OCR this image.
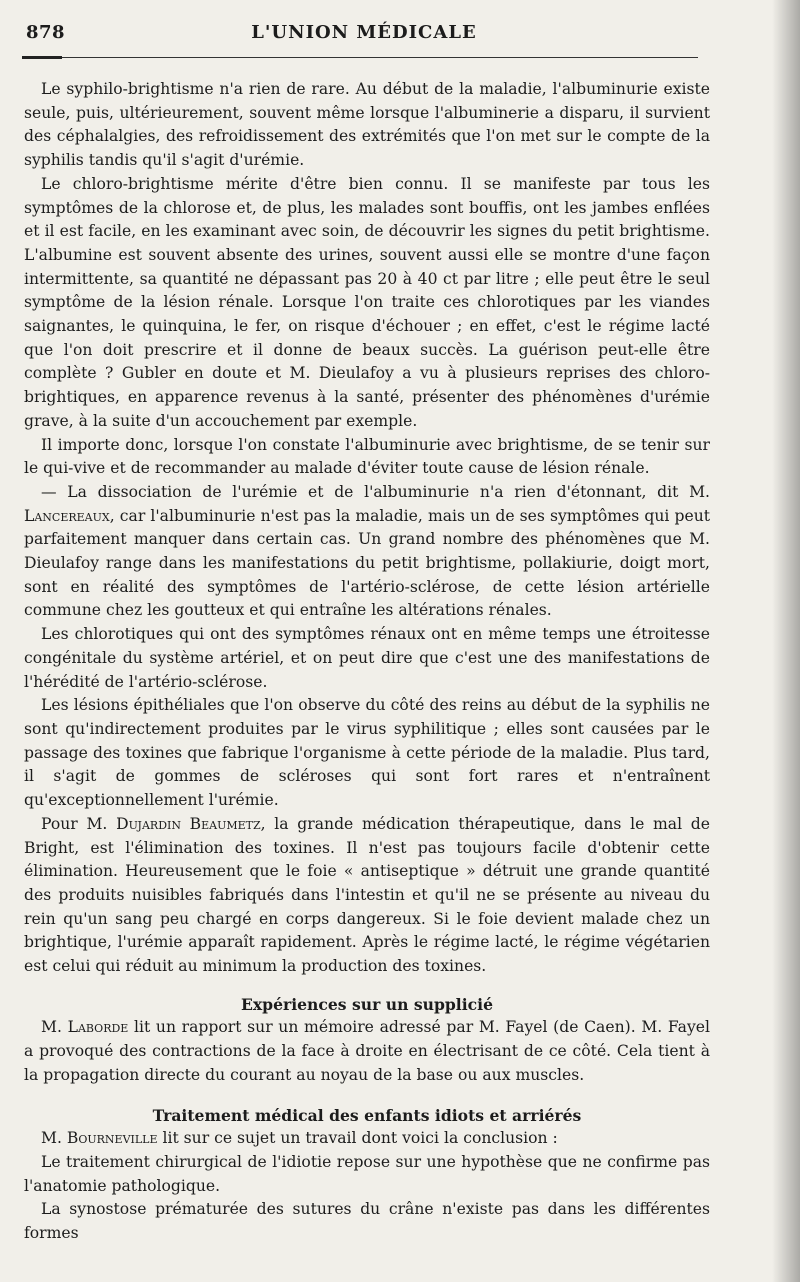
878	L'UNION MÉDICALE

Le syphilo-brightisme n'a rien de rare. Au début de la maladie, l'albuminurie existe seule, puis, ultérieurement, souvent même lorsque l'albuminerie a disparu, il survient des céphalalgies, des refroidissement des extrémités que l'on met sur le compte de la syphilis tandis qu'il s'agit d'urémie.

Le chloro-brightisme mérite d'être bien connu. Il se manifeste par tous les symptômes de la chlorose et, de plus, les malades sont bouffis, ont les jambes enflées et il est facile, en les examinant avec soin, de découvrir les signes du petit brightisme. L'albumine est souvent absente des urines, souvent aussi elle se montre d'une façon intermittente, sa quantité ne dépassant pas 20 à 40 ct par litre ; elle peut être le seul symptôme de la lésion rénale. Lorsque l'on traite ces chlorotiques par les viandes saignantes, le quinquina, le fer, on risque d'échouer ; en effet, c'est le régime lacté que l'on doit prescrire et il donne de beaux succès. La guérison peut-elle être complète ? Gubler en doute et M. Dieulafoy a vu à plusieurs reprises des chloro-brightiques, en apparence revenus à la santé, présenter des phénomènes d'urémie grave, à la suite d'un accouchement par exemple.

Il importe donc, lorsque l'on constate l'albuminurie avec brightisme, de se tenir sur le qui-vive et de recommander au malade d'éviter toute cause de lésion rénale.

— La dissociation de l'urémie et de l'albuminurie n'a rien d'étonnant, dit M. Lancereaux, car l'albuminurie n'est pas la maladie, mais un de ses symptômes qui peut parfaitement manquer dans certain cas. Un grand nombre des phénomènes que M. Dieulafoy range dans les manifestations du petit brightisme, pollakiurie, doigt mort, sont en réalité des symptômes de l'artério-sclérose, de cette lésion artérielle commune chez les goutteux et qui entraîne les altérations rénales.

Les chlorotiques qui ont des symptômes rénaux ont en même temps une étroitesse congénitale du système artériel, et on peut dire que c'est une des manifestations de l'hérédité de l'artério-sclérose.

Les lésions épithéliales que l'on observe du côté des reins au début de la syphilis ne sont qu'indirectement produites par le virus syphilitique ; elles sont causées par le passage des toxines que fabrique l'organisme à cette période de la maladie. Plus tard, il s'agit de gommes de scléroses qui sont fort rares et n'entraînent qu'exceptionnellement l'urémie.

Pour M. Dujardin Beaumetz, la grande médication thérapeutique, dans le mal de Bright, est l'élimination des toxines. Il n'est pas toujours facile d'obtenir cette élimination. Heureusement que le foie « antiseptique » détruit une grande quantité des produits nuisibles fabriqués dans l'intestin et qu'il ne se présente au niveau du rein qu'un sang peu chargé en corps dangereux. Si le foie devient malade chez un brightique, l'urémie apparaît rapidement. Après le régime lacté, le régime végétarien est celui qui réduit au minimum la production des toxines.

Expériences sur un supplicié

M. Laborde lit un rapport sur un mémoire adressé par M. Fayel (de Caen). M. Fayel a provoqué des contractions de la face à droite en électrisant de ce côté. Cela tient à la propagation directe du courant au noyau de la base ou aux muscles.

Traitement médical des enfants idiots et arriérés

M. Bourneville lit sur ce sujet un travail dont voici la conclusion :

Le traitement chirurgical de l'idiotie repose sur une hypothèse que ne confirme pas l'anatomie pathologique.

La synostose prématurée des sutures du crâne n'existe pas dans les différentes formes
